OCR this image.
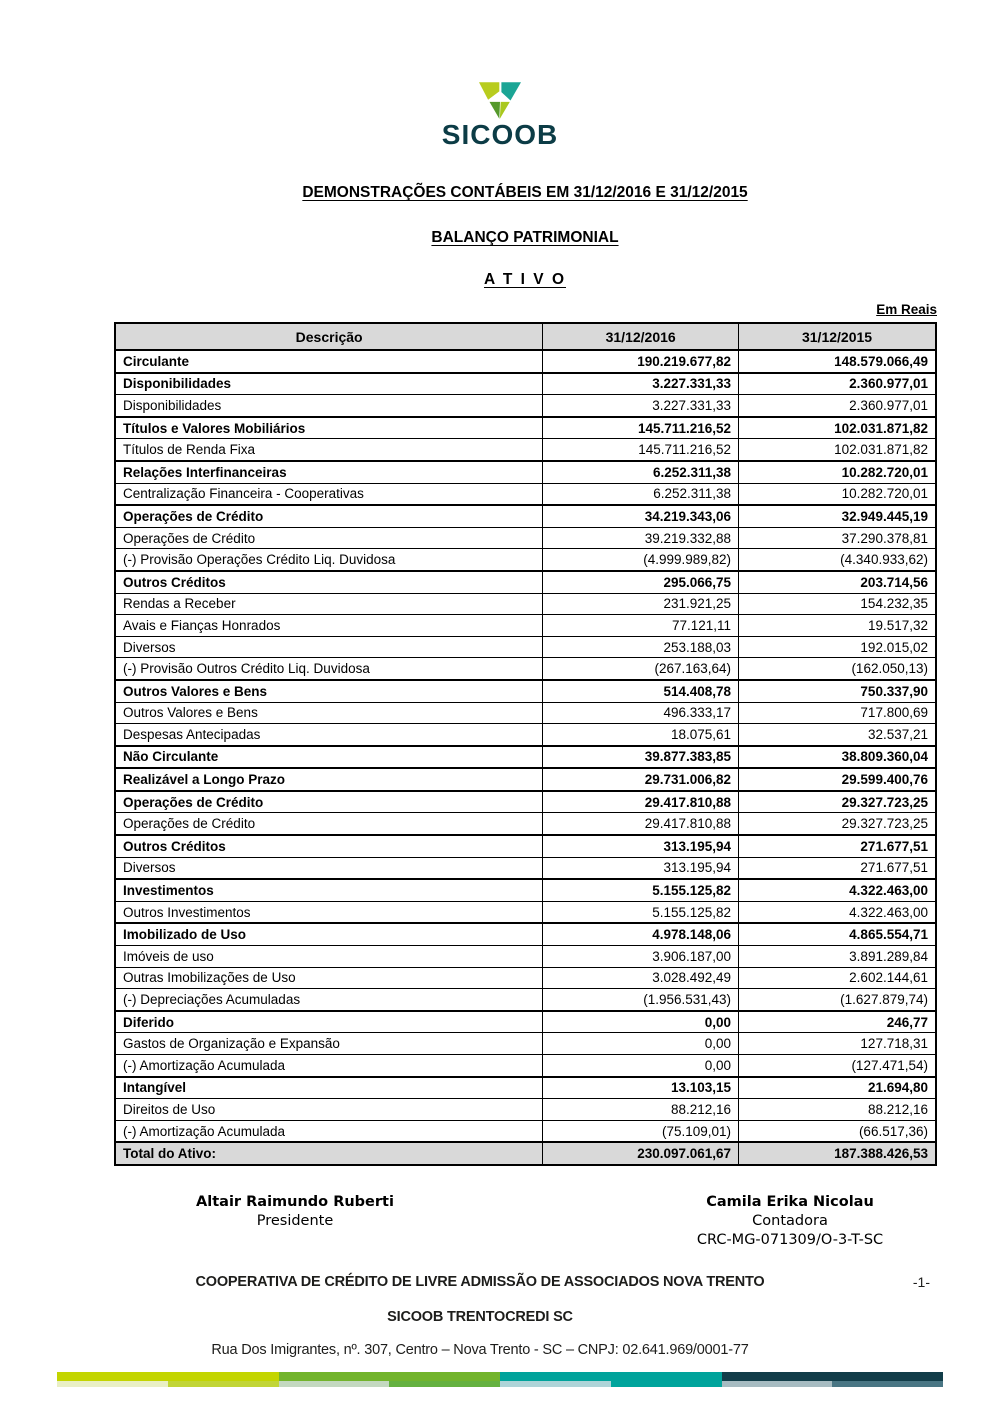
SICOOB
DEMONSTRAÇÕES CONTÁBEIS EM 31/12/2016 E 31/12/2015
BALANÇO PATRIMONIAL
A T I V O
Em Reais
Descrição	31/12/2016	31/12/2015
Circulante	190.219.677,82	148.579.066,49
Disponibilidades	3.227.331,33	2.360.977,01
Disponibilidades	3.227.331,33	2.360.977,01
Títulos e Valores Mobiliários	145.711.216,52	102.031.871,82
Títulos de Renda Fixa	145.711.216,52	102.031.871,82
Relações Interfinanceiras	6.252.311,38	10.282.720,01
Centralização Financeira - Cooperativas	6.252.311,38	10.282.720,01
Operações de Crédito	34.219.343,06	32.949.445,19
Operações de Crédito	39.219.332,88	37.290.378,81
(-) Provisão Operações Crédito Liq. Duvidosa	(4.999.989,82)	(4.340.933,62)
Outros Créditos	295.066,75	203.714,56
Rendas a Receber	231.921,25	154.232,35
Avais e Fianças Honrados	77.121,11	19.517,32
Diversos	253.188,03	192.015,02
(-) Provisão Outros Crédito Liq. Duvidosa	(267.163,64)	(162.050,13)
Outros Valores e Bens	514.408,78	750.337,90
Outros Valores e Bens	496.333,17	717.800,69
Despesas Antecipadas	18.075,61	32.537,21
Não Circulante	39.877.383,85	38.809.360,04
Realizável a Longo Prazo	29.731.006,82	29.599.400,76
Operações de Crédito	29.417.810,88	29.327.723,25
Operações de Crédito	29.417.810,88	29.327.723,25
Outros Créditos	313.195,94	271.677,51
Diversos	313.195,94	271.677,51
Investimentos	5.155.125,82	4.322.463,00
Outros Investimentos	5.155.125,82	4.322.463,00
Imobilizado de Uso	4.978.148,06	4.865.554,71
Imóveis de uso	3.906.187,00	3.891.289,84
Outras Imobilizações de Uso	3.028.492,49	2.602.144,61
(-) Depreciações Acumuladas	(1.956.531,43)	(1.627.879,74)
Diferido	0,00	246,77
Gastos de Organização e Expansão	0,00	127.718,31
(-) Amortização Acumulada	0,00	(127.471,54)
Intangível	13.103,15	21.694,80
Direitos de Uso	88.212,16	88.212,16
(-) Amortização Acumulada	(75.109,01)	(66.517,36)
Total do Ativo:	230.097.061,67	187.388.426,53
Altair Raimundo Ruberti
Presidente
Camila Erika Nicolau
Contadora
CRC-MG-071309/O-3-T-SC
COOPERATIVA DE CRÉDITO DE LIVRE ADMISSÃO DE ASSOCIADOS NOVA TRENTO
SICOOB TRENTOCREDI SC
Rua Dos Imigrantes, nº. 307, Centro – Nova Trento - SC – CNPJ: 02.641.969/0001-77
-1-
